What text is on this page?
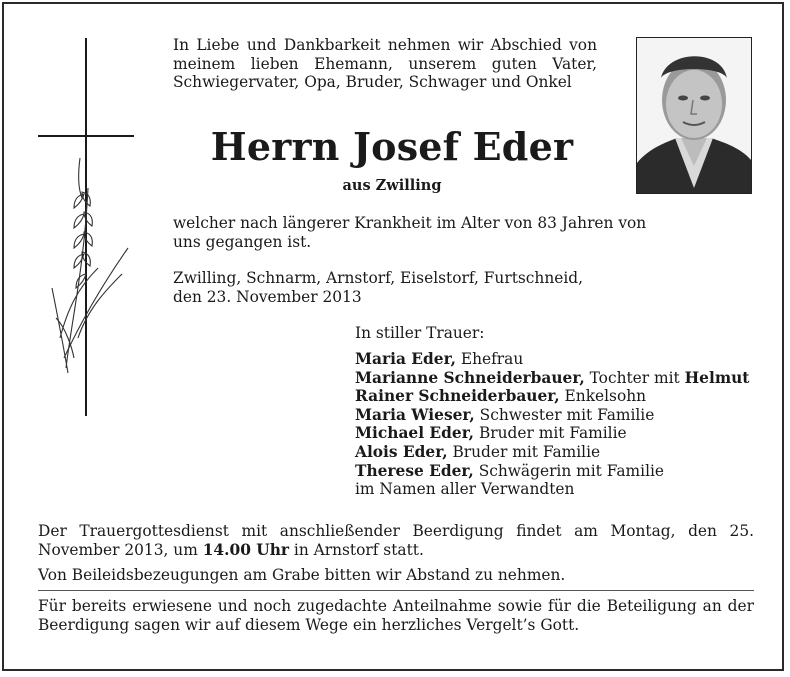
In Liebe und Dankbarkeit nehmen wir Abschied von meinem lieben Ehemann, unserem guten Vater, Schwiegervater, Opa, Bruder, Schwager und Onkel
Herrn Josef Eder
aus Zwilling
welcher nach längerer Krankheit im Alter von 83 Jahren von uns gegangen ist.
Zwilling, Schnarm, Arnstorf, Eiselstorf, Furtschneid,
den 23. November 2013
In stiller Trauer:
Maria Eder, Ehefrau
Marianne Schneiderbauer, Tochter mit Helmut
Rainer Schneiderbauer, Enkelsohn
Maria Wieser, Schwester mit Familie
Michael Eder, Bruder mit Familie
Alois Eder, Bruder mit Familie
Therese Eder, Schwägerin mit Familie
im Namen aller Verwandten
Der Trauergottesdienst mit anschließender Beerdigung findet am Montag, den 25. November 2013, um 14.00 Uhr in Arnstorf statt.
Von Beileidsbezeugungen am Grabe bitten wir Abstand zu nehmen.
Für bereits erwiesene und noch zugedachte Anteilnahme sowie für die Beteiligung an der Beerdigung sagen wir auf diesem Wege ein herzliches Vergelt’s Gott.
